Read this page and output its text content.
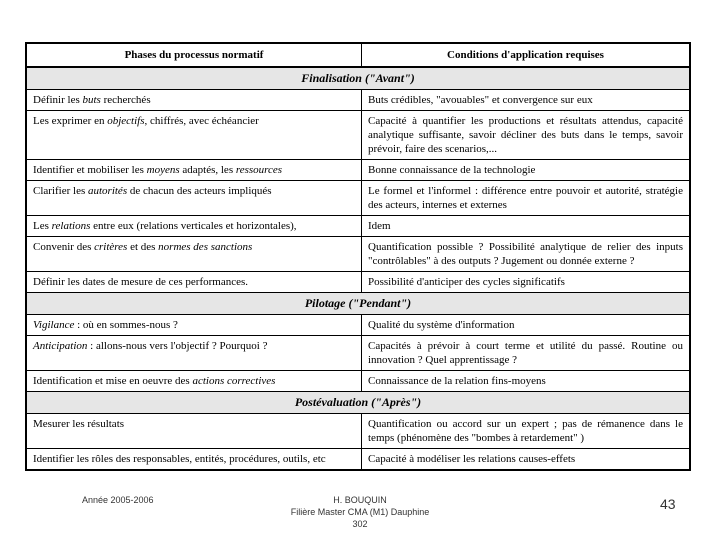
Phases du processus normatif	Conditions d'application requises
Finalisation ("Avant")
Définir les buts recherchés	Buts crédibles, "avouables" et convergence sur eux
Les exprimer en objectifs, chiffrés, avec échéancier	Capacité à quantifier les productions et résultats attendus, capacité analytique suffisante, savoir décliner des buts dans le temps, savoir prévoir, faire des scenarios,...
Identifier et mobiliser les moyens adaptés, les ressources	Bonne connaissance de la technologie
Clarifier les autorités de chacun des acteurs impliqués	Le formel et l'informel : différence entre pouvoir et autorité, stratégie des acteurs, internes et externes
Les relations entre eux (relations verticales et horizontales),	Idem
Convenir des critères et des normes des sanctions	Quantification possible ? Possibilité analytique de relier des inputs "contrôlables" à des outputs ? Jugement ou donnée externe ?
Définir les dates de mesure de ces performances.	Possibilité d'anticiper des cycles significatifs
Pilotage ("Pendant")
Vigilance : où en sommes-nous ?	Qualité du système d'information
Anticipation : allons-nous vers l'objectif ? Pourquoi ?	Capacités à prévoir à court terme et utilité du passé. Routine ou innovation ? Quel apprentissage ?
Identification et mise en oeuvre des actions correctives	Connaissance de la relation fins-moyens
Postévaluation ("Après")
Mesurer les résultats	Quantification ou accord sur un expert ; pas de rémanence dans le temps (phénomène des "bombes à retardement" )
Identifier les rôles des responsables, entités, procédures, outils, etc	Capacité à modéliser les relations causes-effets
Année 2005-2006	H. BOUQUIN
Filière Master CMA (M1) Dauphine
302
43
